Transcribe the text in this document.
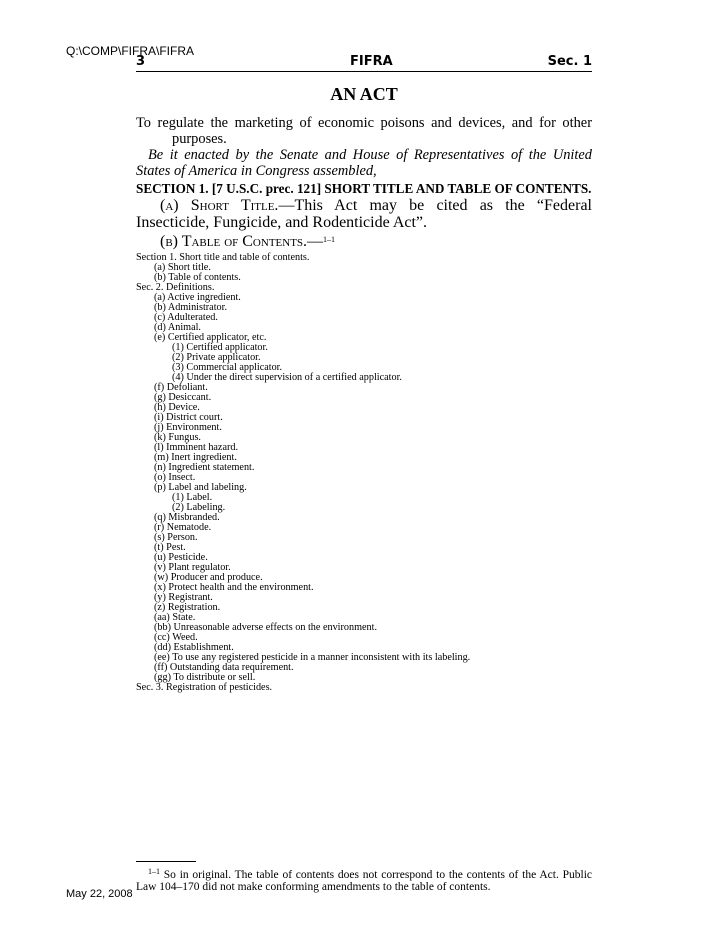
Q:\COMP\FIFRA\FIFRA
3	FIFRA	Sec. 1
AN ACT
To regulate the marketing of economic poisons and devices, and for other purposes.
Be it enacted by the Senate and House of Representatives of the United States of America in Congress assembled,
SECTION 1. [7 U.S.C. prec. 121] SHORT TITLE AND TABLE OF CONTENTS.
(a) Short Title.—This Act may be cited as the “Federal Insecticide, Fungicide, and Rodenticide Act”.
(b) Table of Contents.—$^{1-1}$
Section 1. Short title and table of contents.
(a) Short title.
(b) Table of contents.
Sec. 2. Definitions.
(a) Active ingredient.
(b) Administrator.
(c) Adulterated.
(d) Animal.
(e) Certified applicator, etc.
(1) Certified applicator.
(2) Private applicator.
(3) Commercial applicator.
(4) Under the direct supervision of a certified applicator.
(f) Defoliant.
(g) Desiccant.
(h) Device.
(i) District court.
(j) Environment.
(k) Fungus.
(l) Imminent hazard.
(m) Inert ingredient.
(n) Ingredient statement.
(o) Insect.
(p) Label and labeling.
(1) Label.
(2) Labeling.
(q) Misbranded.
(r) Nematode.
(s) Person.
(t) Pest.
(u) Pesticide.
(v) Plant regulator.
(w) Producer and produce.
(x) Protect health and the environment.
(y) Registrant.
(z) Registration.
(aa) State.
(bb) Unreasonable adverse effects on the environment.
(cc) Weed.
(dd) Establishment.
(ee) To use any registered pesticide in a manner inconsistent with its labeling.
(ff) Outstanding data requirement.
(gg) To distribute or sell.
Sec. 3. Registration of pesticides.
$^{1-1}$ So in original. The table of contents does not correspond to the contents of the Act. Public Law 104–170 did not make conforming amendments to the table of contents.
May 22, 2008
